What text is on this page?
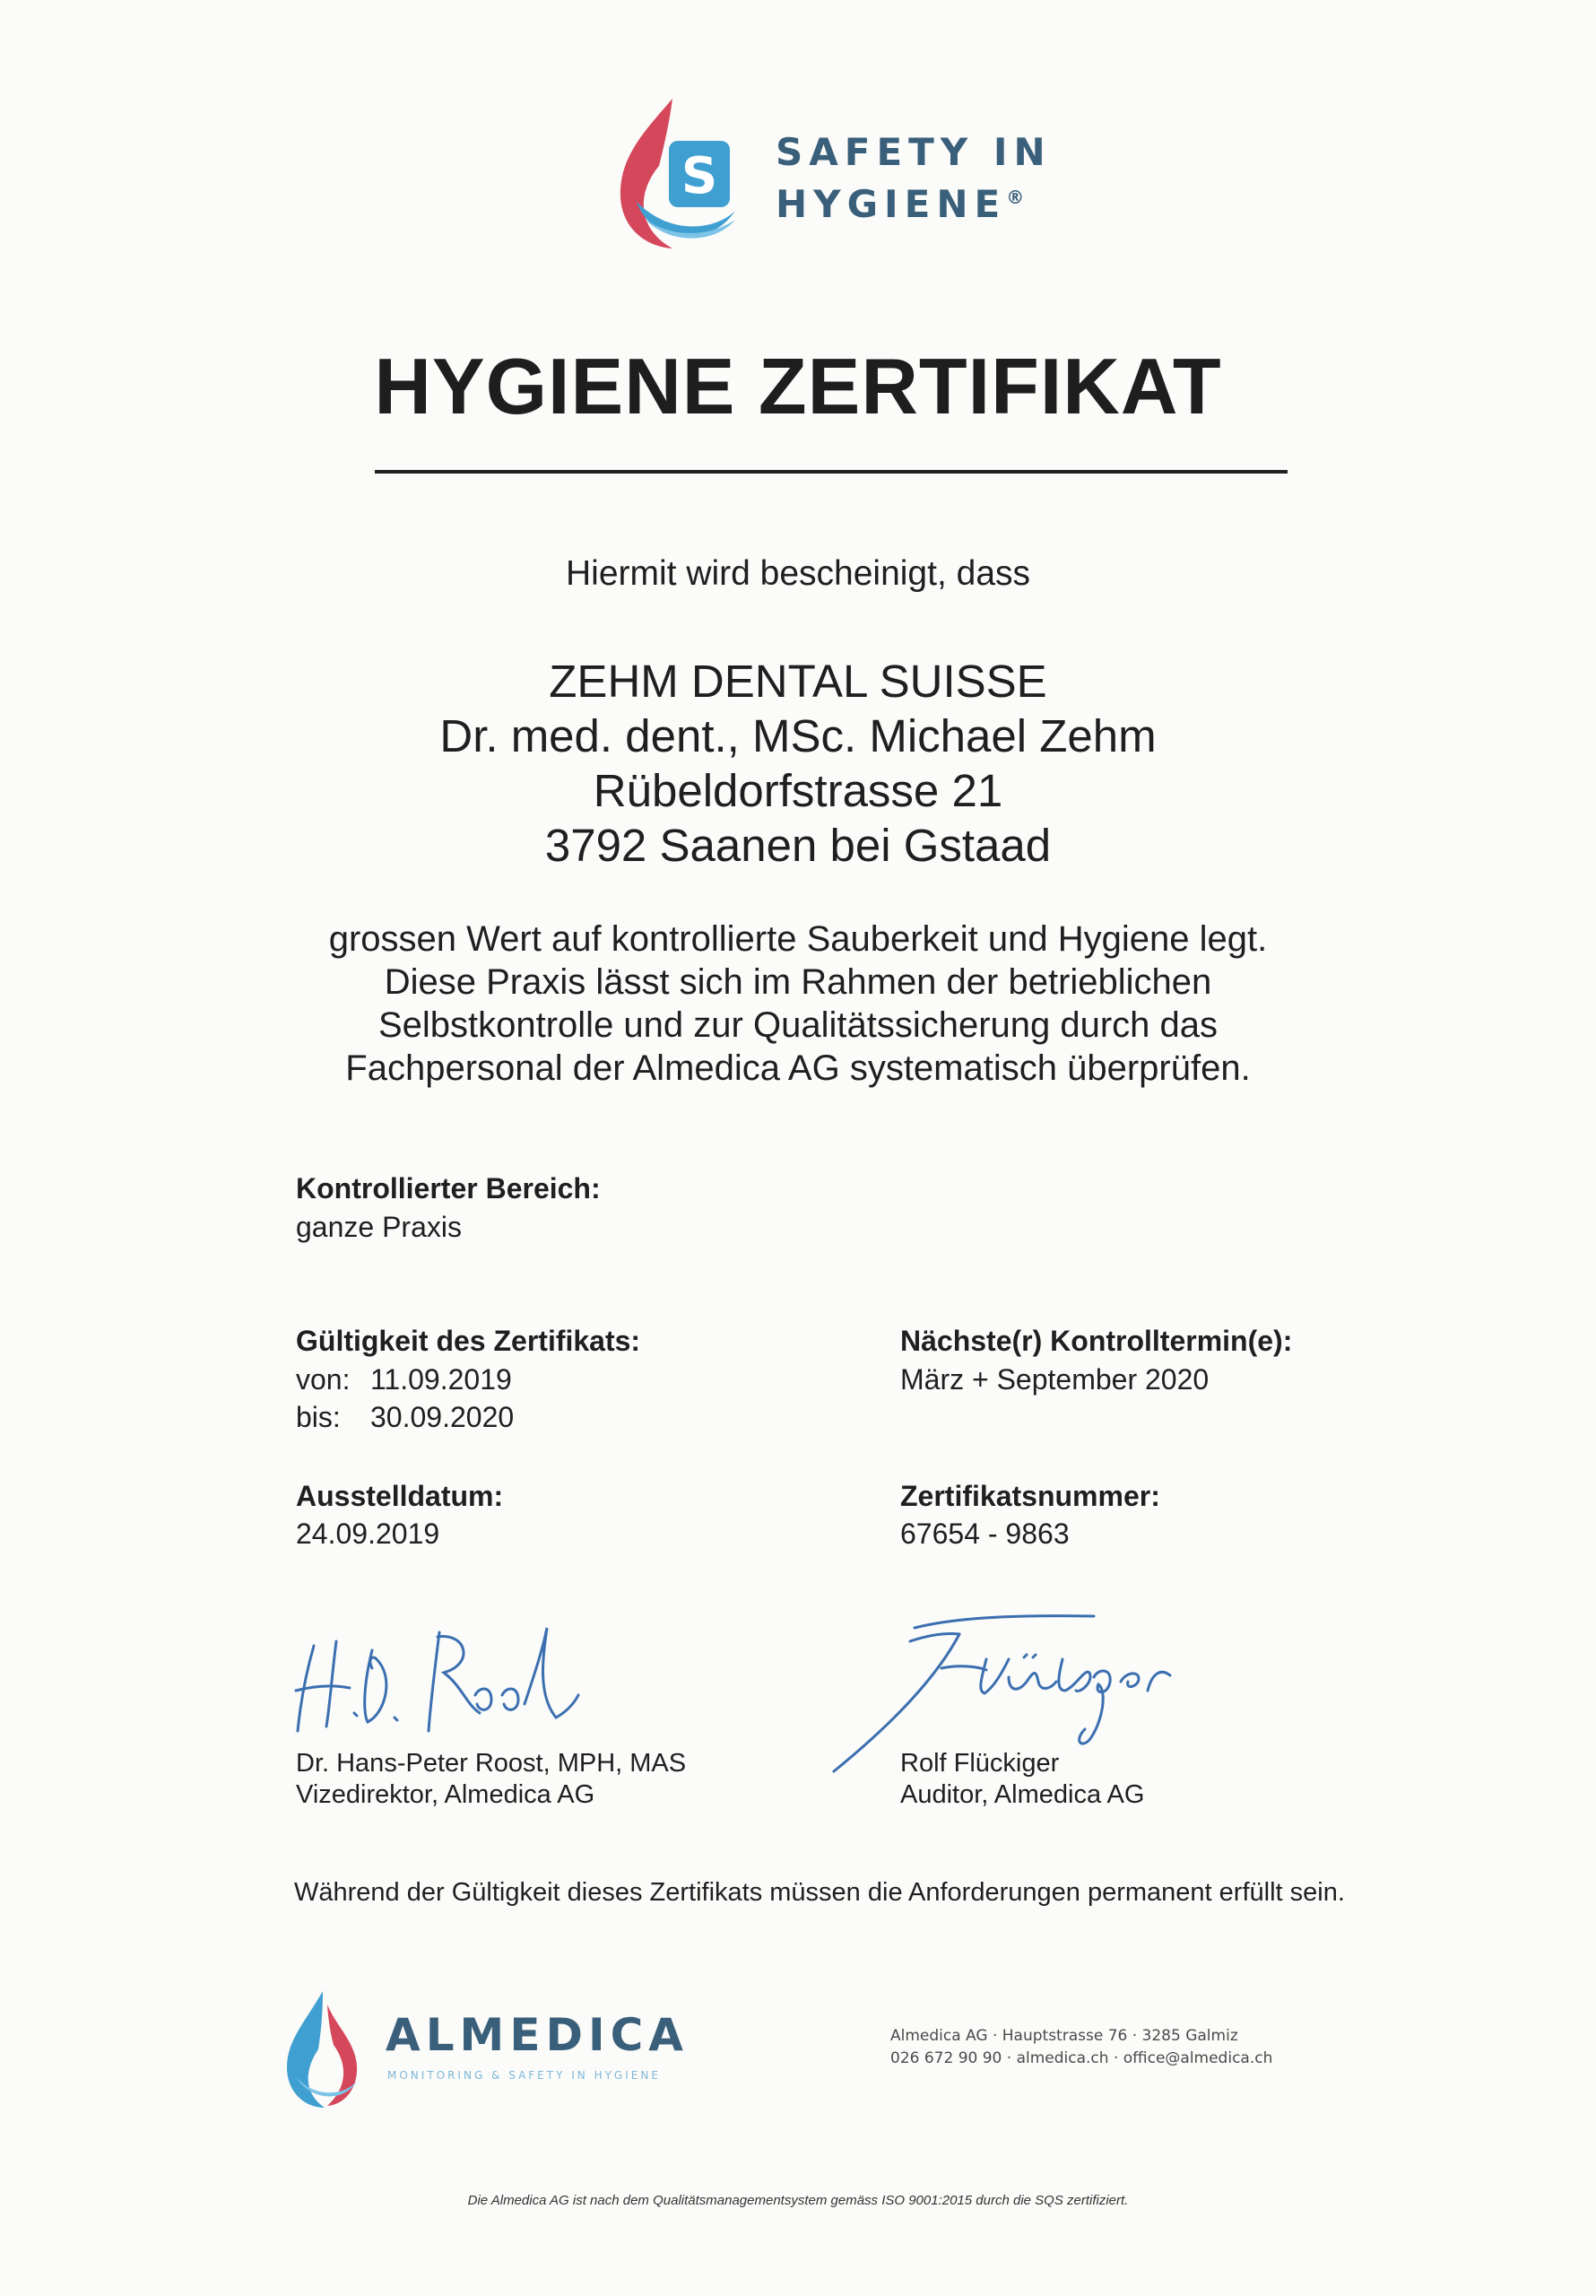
S SAFETY IN
HYGIENE®
HYGIENE ZERTIFIKAT
Hiermit wird bescheinigt, dass
ZEHM DENTAL SUISSE
Dr. med. dent., MSc. Michael Zehm
Rübeldorfstrasse 21
3792 Saanen bei Gstaad
grossen Wert auf kontrollierte Sauberkeit und Hygiene legt.
Diese Praxis lässt sich im Rahmen der betrieblichen
Selbstkontrolle und zur Qualitätssicherung durch das
Fachpersonal der Almedica AG systematisch überprüfen.
Kontrollierter Bereich:
ganze Praxis
Gültigkeit des Zertifikats:
von: 11.09.2019
bis: 30.09.2020
Nächste(r) Kontrolltermin(e):
März + September 2020
Ausstelldatum:
24.09.2019
Zertifikatsnummer:
67654 - 9863
Dr. Hans-Peter Roost, MPH, MAS
Vizedirektor, Almedica AG
Rolf Flückiger
Auditor, Almedica AG
Während der Gültigkeit dieses Zertifikats müssen die Anforderungen permanent erfüllt sein.
ALMEDICA
MONITORING & SAFETY IN HYGIENE
Almedica AG · Hauptstrasse 76 · 3285 Galmiz
026 672 90 90 · almedica.ch · office@almedica.ch
Die Almedica AG ist nach dem Qualitätsmanagementsystem gemäss ISO 9001:2015 durch die SQS zertifiziert.
